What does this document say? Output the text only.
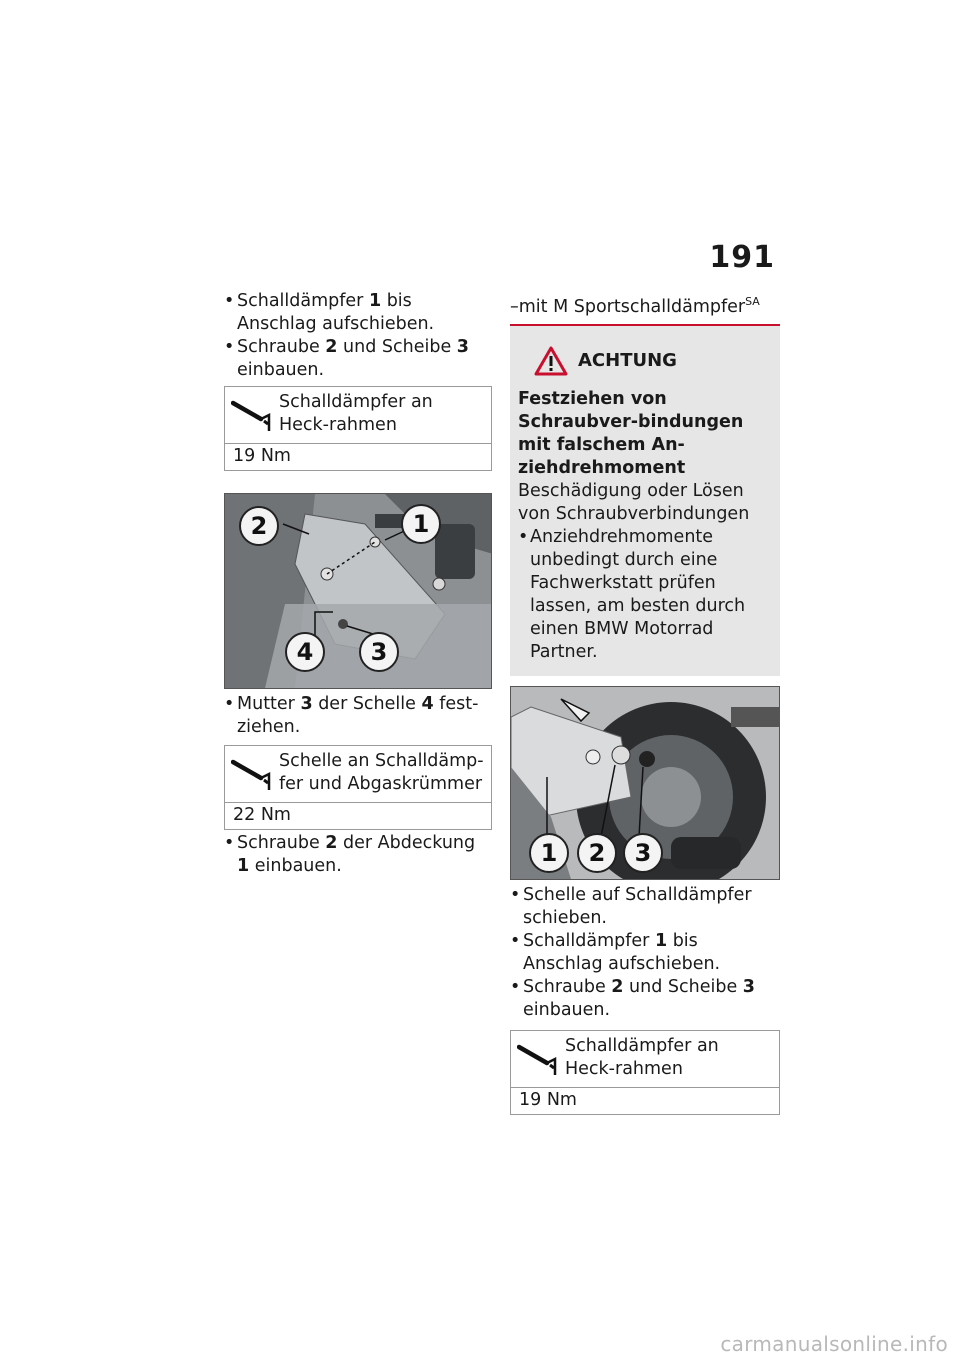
191

• Schalldämpfer 1 bis Anschlag aufschieben.

• Schraube 2 und Scheibe 3 einbauen.

Schalldämpfer an Heck-rahmen
19 Nm
2	1
4	3

• Mutter 3 der Schelle 4 fest-ziehen.

Schelle an Schalldämp-fer und Abgaskrümmer
22 Nm

• Schraube 2 der Abdeckung 1 einbauen.

–mit M Sportschalldämpfer$^{SA}$

ACHTUNG
Festziehen von Schraubver-bindungen mit falschem An-ziehdrehmoment
Beschädigung oder Lösen von Schraubverbindungen
• Anziehdrehmomente unbedingt durch eine Fachwerkstatt prüfen lassen, am besten durch einen BMW Motorrad Partner.
1	2	3

• Schelle auf Schalldämpfer schieben.

• Schalldämpfer 1 bis Anschlag aufschieben.

• Schraube 2 und Scheibe 3 einbauen.

Schalldämpfer an Heck-rahmen
19 Nm
carmanualsonline.info
